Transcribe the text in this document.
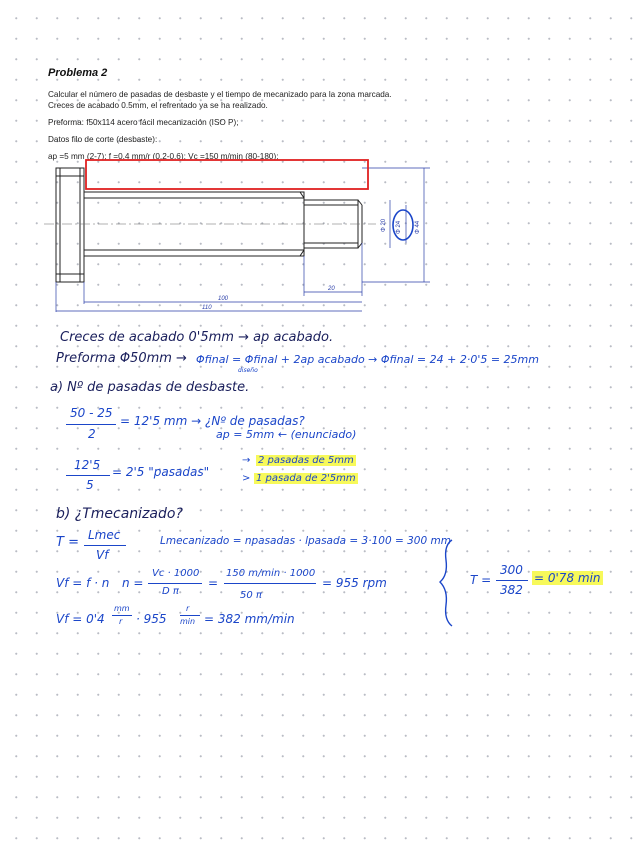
Problema 2
Calcular el número de pasadas de desbaste y el tiempo de mecanizado para la zona marcada.
Creces de acabado 0.5mm, el refrentado ya se ha realizado.
Preforma: f50x114 acero fácil mecanización (ISO P);
Datos filo de corte (desbaste):
ap =5 mm (2-7); f =0.4 mm/r (0.2-0.6); Vc =150 m/min (80-180);
20
100
110
Φ 20 Φ 24 Φ 44
Creces de acabado 0'5mm → ap acabado.
Preforma Φ50mm → Φfinal = Φfinal + 2ap acabado → Φfinal = 24 + 2·0'5 = 25mm
diseño
a) Nº de pasadas de desbaste.
50 - 25
2
= 12'5 mm → ¿Nº de pasadas?
ap = 5mm ← (enunciado)
12'5
5
= 2'5 "pasadas"
→ 2 pasadas de 5mm
> 1 pasada de 2'5mm
b) ¿Tmecanizado?
T = Lmec
Vf
Lmecanizado = npasadas · lpasada = 3·100 = 300 mm
Vf = f · n n =
Vc · 1000
D π
=
150 m/min · 1000
50 π
= 955 rpm
Vf = 0'4
mm
r · 955
r
min = 382 mm/min
T =
300
382
= 0'78 min
